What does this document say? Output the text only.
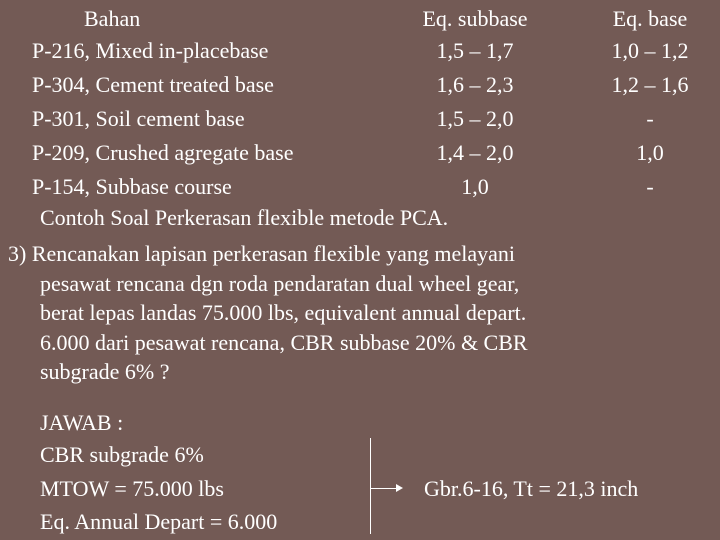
Bahan	Eq. subbase	Eq. base
P-216, Mixed in-placebase	1,5 – 1,7	1,0 – 1,2
P-304, Cement treated base	1,6 – 2,3	1,2 – 1,6
P-301, Soil cement base	1,5 – 2,0	-
P-209, Crushed agregate base	1,4 – 2,0	1,0
P-154, Subbase course	1,0	-
Contoh Soal Perkerasan flexible metode PCA.
3) Rencanakan lapisan perkerasan flexible yang melayani
pesawat rencana dgn roda pendaratan dual wheel gear,
berat lepas landas 75.000 lbs, equivalent annual depart.
6.000 dari pesawat rencana, CBR subbase 20% & CBR
subgrade 6% ?
JAWAB :
CBR subgrade 6%
MTOW = 75.000 lbs
Eq. Annual Depart = 6.000
Gbr.6-16, Tt = 21,3 inch
